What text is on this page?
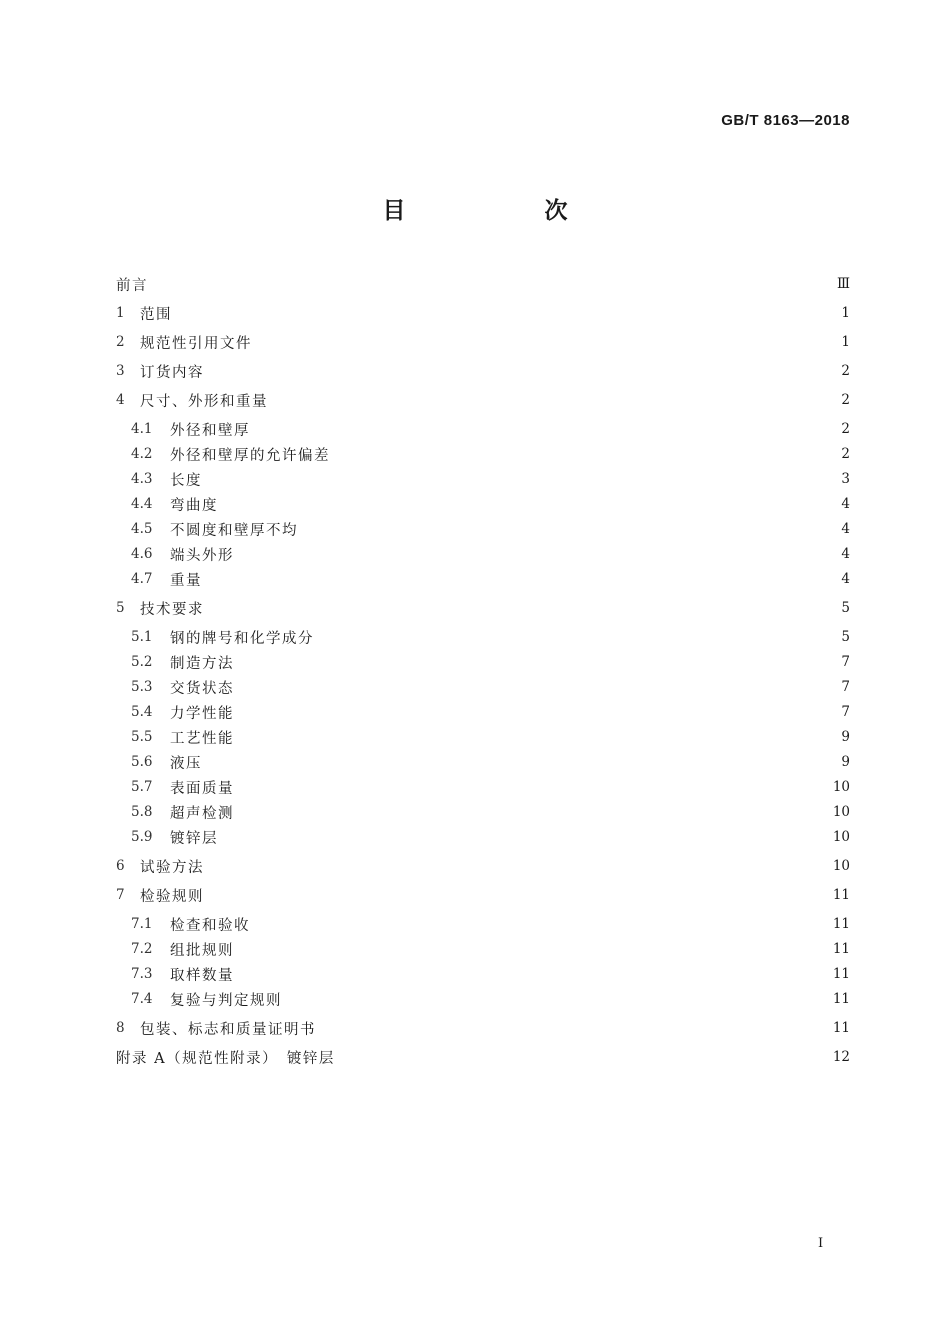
GB/T 8163—2018
目　次
前言	Ⅲ
1	范围	1
2	规范性引用文件	1
3	订货内容	2
4	尺寸、外形和重量	2
4.1	外径和壁厚	2
4.2	外径和壁厚的允许偏差	2
4.3	长度	3
4.4	弯曲度	4
4.5	不圆度和壁厚不均	4
4.6	端头外形	4
4.7	重量	4
5	技术要求	5
5.1	钢的牌号和化学成分	5
5.2	制造方法	7
5.3	交货状态	7
5.4	力学性能	7
5.5	工艺性能	9
5.6	液压	9
5.7	表面质量	10
5.8	超声检测	10
5.9	镀锌层	10
6	试验方法	10
7	检验规则	11
7.1	检查和验收	11
7.2	组批规则	11
7.3	取样数量	11
7.4	复验与判定规则	11
8	包装、标志和质量证明书	11
附录 A（规范性附录）　镀锌层	12
I
